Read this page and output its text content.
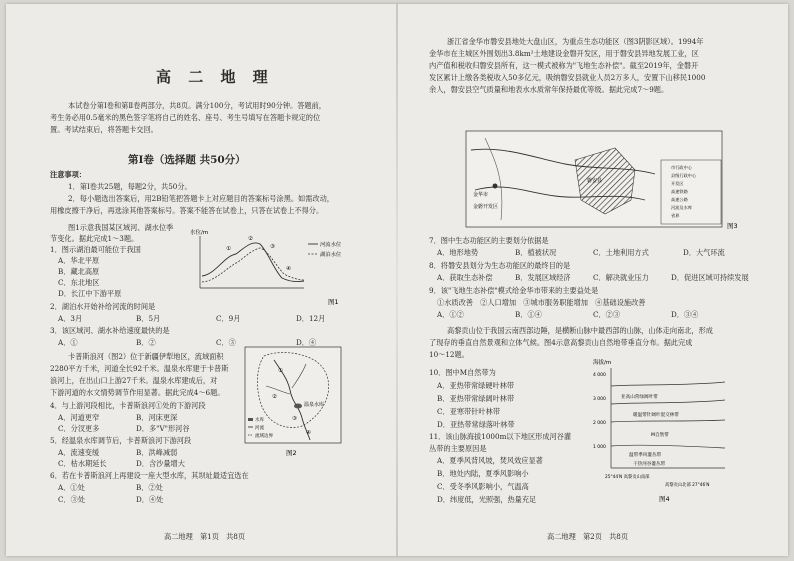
高 二 地 理
本试卷分第Ⅰ卷和第Ⅱ卷两部分，共8页。满分100分，考试用时90分钟。答题前，
考生务必用0.5毫米的黑色签字笔将自己的姓名、座号、考生号填写在答题卡规定的位
置。考试结束后，将答题卡交回。
第Ⅰ卷（选择题 共50分）
注意事项：
1．第Ⅰ卷共25题，每题2分，共50分。
2．每小题选出答案后，用2B铅笔把答题卡上对应题目的答案标号涂黑。如需改动，
用橡皮擦干净后，再选涂其他答案标号。答案不能答在试卷上，只答在试卷上不得分。
图1示意我国某区域河、湖水位季
节变化。据此完成1～3题。
1．图示湖泊最可能位于我国
A．华北平原
B．藏北高原
C．东北地区
D．长江中下游平原
2．湖泊水开始补给河流的时间是
A．3月	B．5月	C．9月	D．12月
3．该区域河、湖水补给速度最快的是
A．①	B．②	C．③	D．④
卡普斯浪河（图2）位于新疆伊犁地区，流域面积
2280平方千米，河道全长92千米。温泉水库建于卡普斯
浪河上，在出山口上游27千米。温泉水库建成后，对
下游河道的水文情势调节作用显著。据此完成4～6题。
4．与上游河段相比，卡普斯浪河①处的下游河段
A．河道更窄	B．河床更深
C．分汊更多	D．多"V"形河谷
5．经温泉水库调节后，卡普斯浪河下游河段
A．流速变缓	B．洪峰减弱
C．枯水期延长	D．含沙量增大
6．若在卡普斯浪河上再建设一座大型水库，其坝址最适宜选在
A．①处	B．②处
C．③处	D．④处
水位/m
河流水位
湖泊水位
①
②
③
④
图1
①
②
③
④
温泉水库
水库
河流
流域边界
图2
高二地理　第1页　共8页
浙江省金华市磐安县地处大盘山区，为重点生态功能区（图3阴影区域）。1994年
金华市在主城区外围划出3.8km²土地建设金磐开发区，用于磐安县异地发展工业，区
内产值和税收归磐安县所有，这一模式被称为"飞地生态补偿"。截至2019年，金磐开
发区累计上缴各类税收入50多亿元，吸纳磐安县就业人员2万多人，安置下山移民1000
余人，磐安县空气质量和地表水水质常年保持最优等级。据此完成7～9题。
金华市
金磐开发区
磐安县
市行政中心
县级行政中心
开发区
高速铁路
高速公路
河流及水库
省界
图3
7．图中生态功能区的主要划分依据是
A．地形地势	B．植被状况	C．土地利用方式	D．大气环流
8．将磐安县划分为生态功能区的最终目的是
A．获取生态补偿	B．发展区域经济	C．解决就业压力	D．促进区域可持续发展
9．该"飞地生态补偿"模式给金华市带来的主要益处是
①水质改善　②人口增加　③城市服务职能增加　④基础设施改善
A．①②	B．①④	C．②③	D．③④
高黎贡山位于我国云南西部边陲，是横断山脉中最西部的山脉，山体走向南北，形成
了现存的垂直自然景观和立体气候。图4示意高黎贡山自然地带垂直分布。据此完成
10～12题。
10．图中M自然带为
A．亚热带常绿硬叶林带
B．亚热带常绿阔叶林带
C．亚寒带针叶林带
D．亚热带常绿落叶林带
11．该山脉海拔1000m以下地区形成河谷灌
丛带的主要原因是
A．夏季风背风坡，焚风效应显著
B．地处内陆，夏季风影响小
C．受冬季风影响小，气温高
D．纬度低，光照强，热量充足
海拔/m
4 000
3 000
2 000
1 000
亚高山常绿阔叶带
暖温带针阔叶混交林带
M自然带
温带季风灌丛带
干热河谷灌丛带
25°44′N 高黎贡山南部
高黎贡山北部 27°46′N
图4
高二地理　第2页　共8页
